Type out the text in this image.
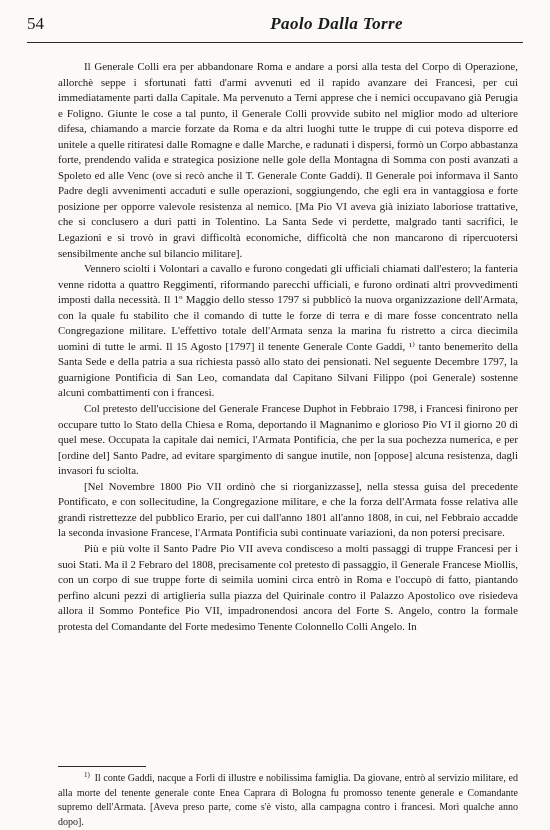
54	Paolo Dalla Torre

Il Generale Colli era per abbandonare Roma e andare a porsi alla testa del Corpo di Operazione, allorchè seppe i sfortunati fatti d'armi avvenuti ed il rapido avanzare dei Francesi, per cui immediatamente partì dalla Capitale. Ma pervenuto a Terni apprese che i nemici occupavano già Perugia e Foligno. Giunte le cose a tal punto, il Generale Colli provvide subito nel miglior modo ad ulteriore difesa, chiamando a marcie forzate da Roma e da altri luoghi tutte le truppe di cui poteva disporre ed unitele a quelle ritiratesi dalle Romagne e dalle Marche, e radunati i dispersi, formò un Corpo abbastanza forte, prendendo valida e strategica posizione nelle gole della Montagna di Somma con posti avanzati a Spoleto ed alle Venc (ove si recò anche il T. Generale Conte Gaddi). Il Generale poi informava il Santo Padre degli avvenimenti accaduti e sulle operazioni, soggiungendo, che egli era in vantaggiosa e forte posizione per opporre valevole resistenza al nemico. [Ma Pio VI aveva già iniziato laboriose trattative, che si conclusero a duri patti in Tolentino. La Santa Sede vi perdette, malgrado tanti sacrifici, le Legazioni e si trovò in gravi difficoltà economiche, difficoltà che non mancarono di ripercuotersi sensibilmente anche sul bilancio militare].

Vennero sciolti i Volontari a cavallo e furono congedati gli ufficiali chiamati dall'estero; la fanteria venne ridotta a quattro Reggimenti, riformando parecchi ufficiali, e furono ordinati altri provvedimenti imposti dalla necessità. Il 1º Maggio dello stesso 1797 si pubblicò la nuova organizzazione dell'Armata, con la quale fu stabilito che il comando di tutte le forze di terra e di mare fosse concentrato nella Congregazione militare. L'effettivo totale dell'Armata senza la marina fu ristretto a circa diecimila uomini di tutte le armi. Il 15 Agosto [1797] il tenente Generale Conte Gaddi, ¹⁾ tanto benemerito della Santa Sede e della patria a sua richiesta passò allo stato dei pensionati. Nel seguente Decembre 1797, la guarnigione Pontificia di San Leo, comandata dal Capitano Silvani Filippo (poi Generale) sostenne alcuni combattimenti con i francesi.

Col pretesto dell'uccisione del Generale Francese Duphot in Febbraio 1798, i Francesi finirono per occupare tutto lo Stato della Chiesa e Roma, deportando il Magnanimo e glorioso Pio VI il giorno 20 di quel mese. Occupata la capitale dai nemici, l'Armata Pontificia, che per la sua pochezza numerica, e per [ordine del] Santo Padre, ad evitare spargimento di sangue inutile, non [oppose] alcuna resistenza, dagli invasori fu sciolta.

[Nel Novembre 1800 Pio VII ordinò che si riorganizzasse], nella stessa guisa del precedente Pontificato, e con sollecitudine, la Congregazione militare, e che la forza dell'Armata fosse relativa alle grandi ristrettezze del pubblico Erario, per cui dall'anno 1801 all'anno 1808, in cui, nel Febbraio accadde la seconda invasione Francese, l'Armata Pontificia subì continuate variazioni, da non potersi precisare.

Più e più volte il Santo Padre Pio VII aveva condisceso a molti passaggi di truppe Francesi per i suoi Stati. Ma il 2 Febraro del 1808, precisamente col pretesto di passaggio, il Generale Francese Miollis, con un corpo di sue truppe forte di seimila uomini circa entrò in Roma e l'occupò di fatto, piantando perfino alcuni pezzi di artiglieria sulla piazza del Quirinale contro il Palazzo Apostolico ove risiedeva allora il Sommo Pontefice Pio VII, impadronendosi ancora del Forte S. Angelo, contro la formale protesta del Comandante del Forte medesimo Tenente Colonnello Colli Angelo. In

$^{1)}$ Il conte Gaddi, nacque a Forlì di illustre e nobilissima famiglia. Da giovane, entrò al servizio militare, ed alla morte del tenente generale conte Enea Caprara di Bologna fu promosso tenente generale e Comandante supremo dell'Armata. [Aveva preso parte, come s'è visto, alla campagna contro i francesi. Morì qualche anno dopo].
